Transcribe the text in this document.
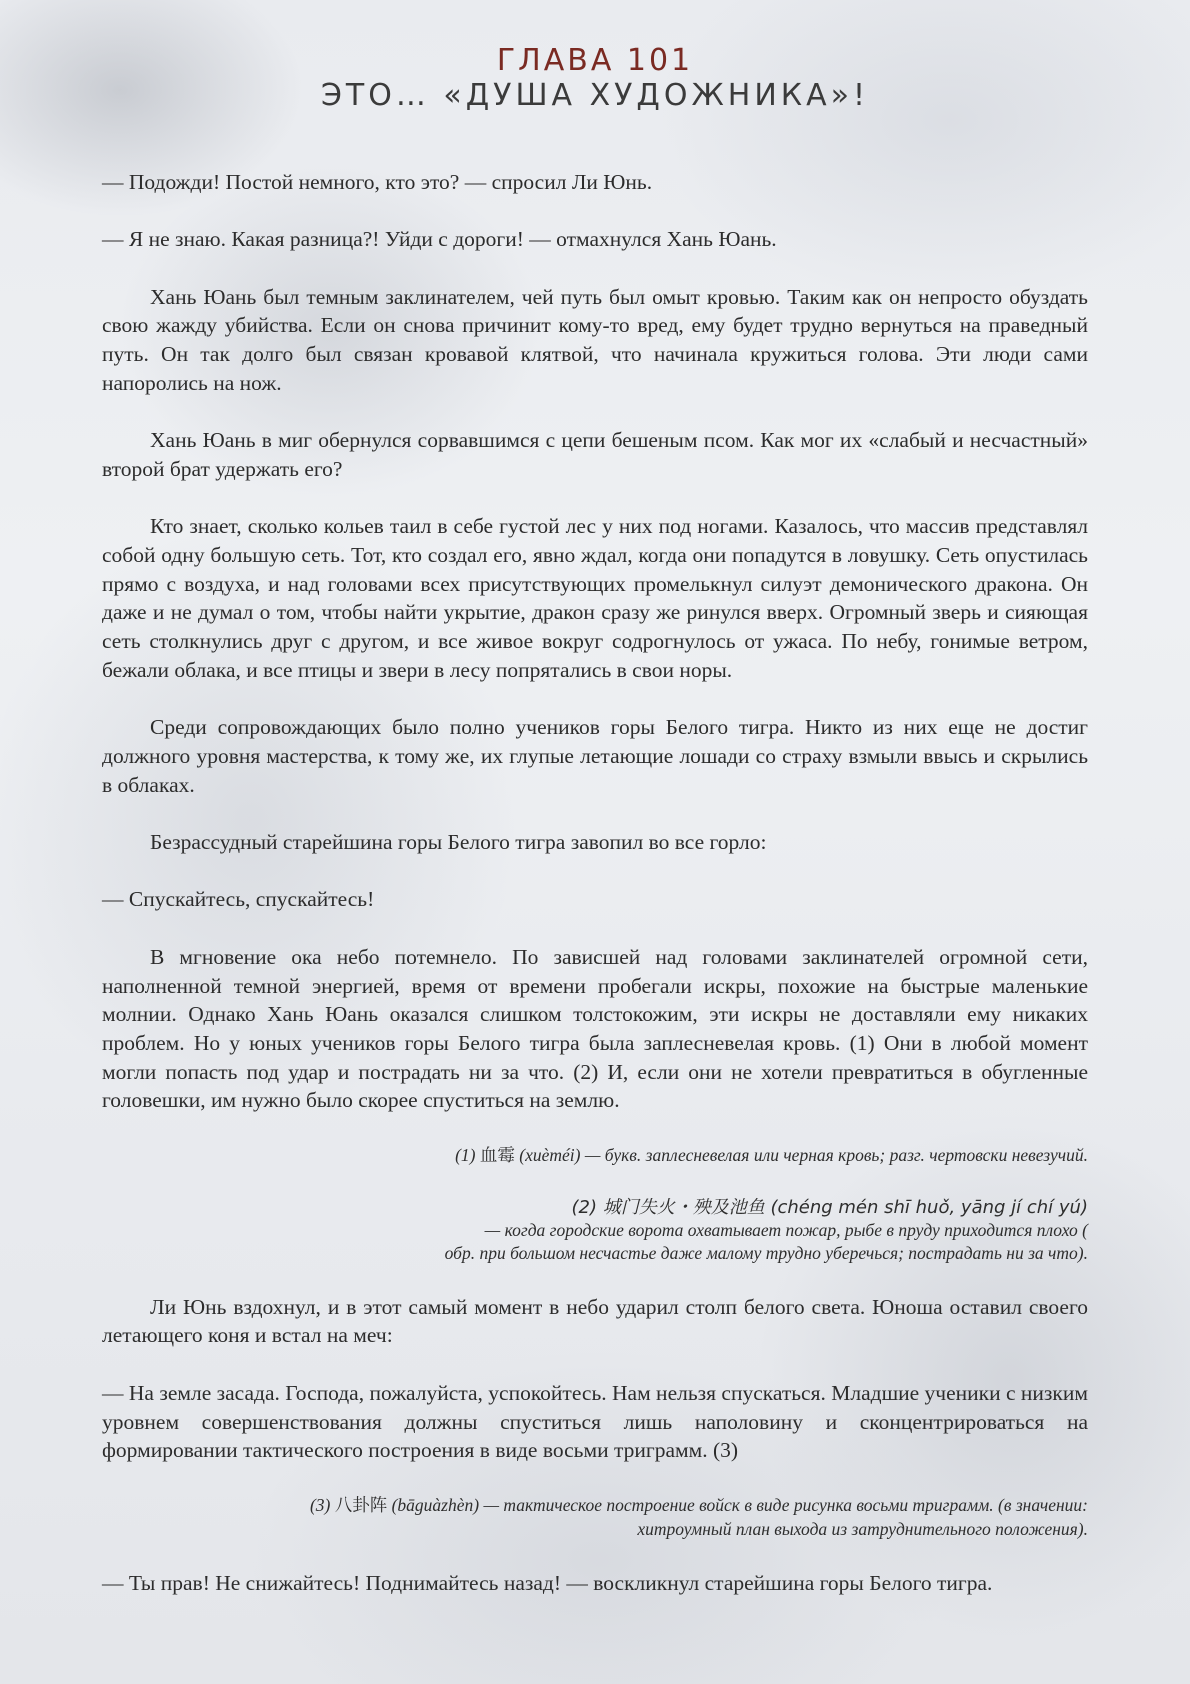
ГЛАВА 101
ЭТО… «ДУША ХУДОЖНИКА»!

— Подожди! Постой немного, кто это? — спросил Ли Юнь.

— Я не знаю. Какая разница?! Уйди с дороги! — отмахнулся Хань Юань.

Хань Юань был темным заклинателем, чей путь был омыт кровью. Таким как он непросто обуздать свою жажду убийства. Если он снова причинит кому-то вред, ему будет трудно вернуться на праведный путь. Он так долго был связан кровавой клятвой, что начинала кружиться голова. Эти люди сами напоролись на нож.

Хань Юань в миг обернулся сорвавшимся с цепи бешеным псом. Как мог их «слабый и несчастный» второй брат удержать его?

Кто знает, сколько кольев таил в себе густой лес у них под ногами. Казалось, что массив представлял собой одну большую сеть. Тот, кто создал его, явно ждал, когда они попадутся в ловушку. Сеть опустилась прямо с воздуха, и над головами всех присутствующих промелькнул силуэт демонического дракона. Он даже и не думал о том, чтобы найти укрытие, дракон сразу же ринулся вверх. Огромный зверь и сияющая сеть столкнулись друг с другом, и все живое вокруг содрогнулось от ужаса. По небу, гонимые ветром, бежали облака, и все птицы и звери в лесу попрятались в свои норы.

Среди сопровождающих было полно учеников горы Белого тигра. Никто из них еще не достиг должного уровня мастерства, к тому же, их глупые летающие лошади со страху взмыли ввысь и скрылись в облаках.

Безрассудный старейшина горы Белого тигра завопил во все горло:

— Спускайтесь, спускайтесь!

В мгновение ока небо потемнело. По зависшей над головами заклинателей огромной сети, наполненной темной энергией, время от времени пробегали искры, похожие на быстрые маленькие молнии. Однако Хань Юань оказался слишком толстокожим, эти искры не доставляли ему никаких проблем. Но у юных учеников горы Белого тигра была заплесневелая кровь. (1) Они в любой момент могли попасть под удар и пострадать ни за что. (2) И, если они не хотели превратиться в обугленные головешки, им нужно было скорее спуститься на землю.

(1) 血霉 (xuèméi) — букв. заплесневелая или черная кровь; разг. чертовски невезучий.

(2) 城门失火・殃及池鱼 (chéng mén shī huǒ, yāng jí chí yú)

— когда городские ворота охватывает пожар, рыбе в пруду приходится плохо (

обр. при большом несчастье даже малому трудно уберечься; пострадать ни за что).

Ли Юнь вздохнул, и в этот самый момент в небо ударил столп белого света. Юноша оставил своего летающего коня и встал на меч:

— На земле засада. Господа, пожалуйста, успокойтесь. Нам нельзя спускаться. Младшие ученики с низким уровнем совершенствования должны спуститься лишь наполовину и сконцентрироваться на формировании тактического построения в виде восьми триграмм. (3)

(3) 八卦阵 (bāguàzhèn) — тактическое построение войск в виде рисунка восьми триграмм. (в значении:

хитроумный план выхода из затруднительного положения).

— Ты прав! Не снижайтесь! Поднимайтесь назад! — воскликнул старейшина горы Белого тигра.
